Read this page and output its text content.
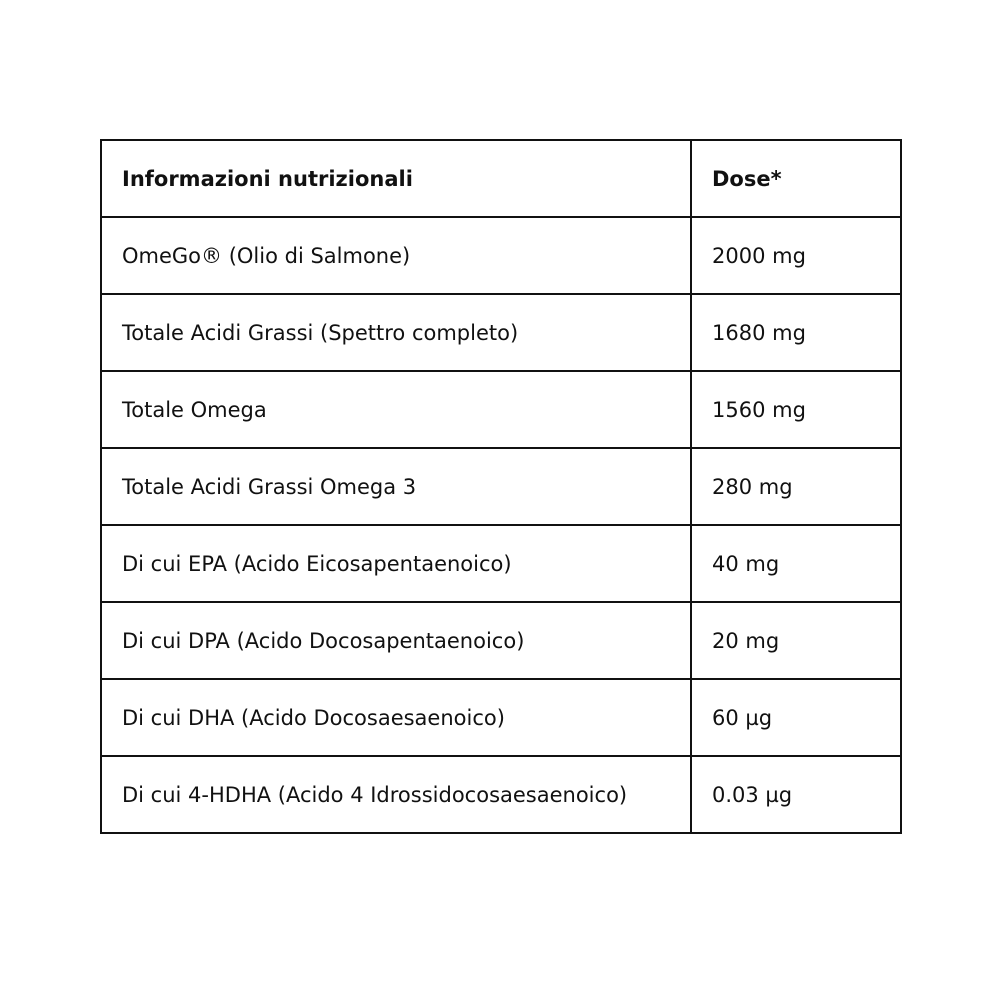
Informazioni nutrizionali	Dose*
OmeGo® (Olio di Salmone)	2000 mg
Totale Acidi Grassi (Spettro completo)	1680 mg
Totale Omega	1560 mg
Totale Acidi Grassi Omega 3	280 mg
Di cui EPA (Acido Eicosapentaenoico)	40 mg
Di cui DPA (Acido Docosapentaenoico)	20 mg
Di cui DHA (Acido Docosaesaenoico)	60 µg
Di cui 4-HDHA (Acido 4 Idrossidocosaesaenoico)	0.03 µg
